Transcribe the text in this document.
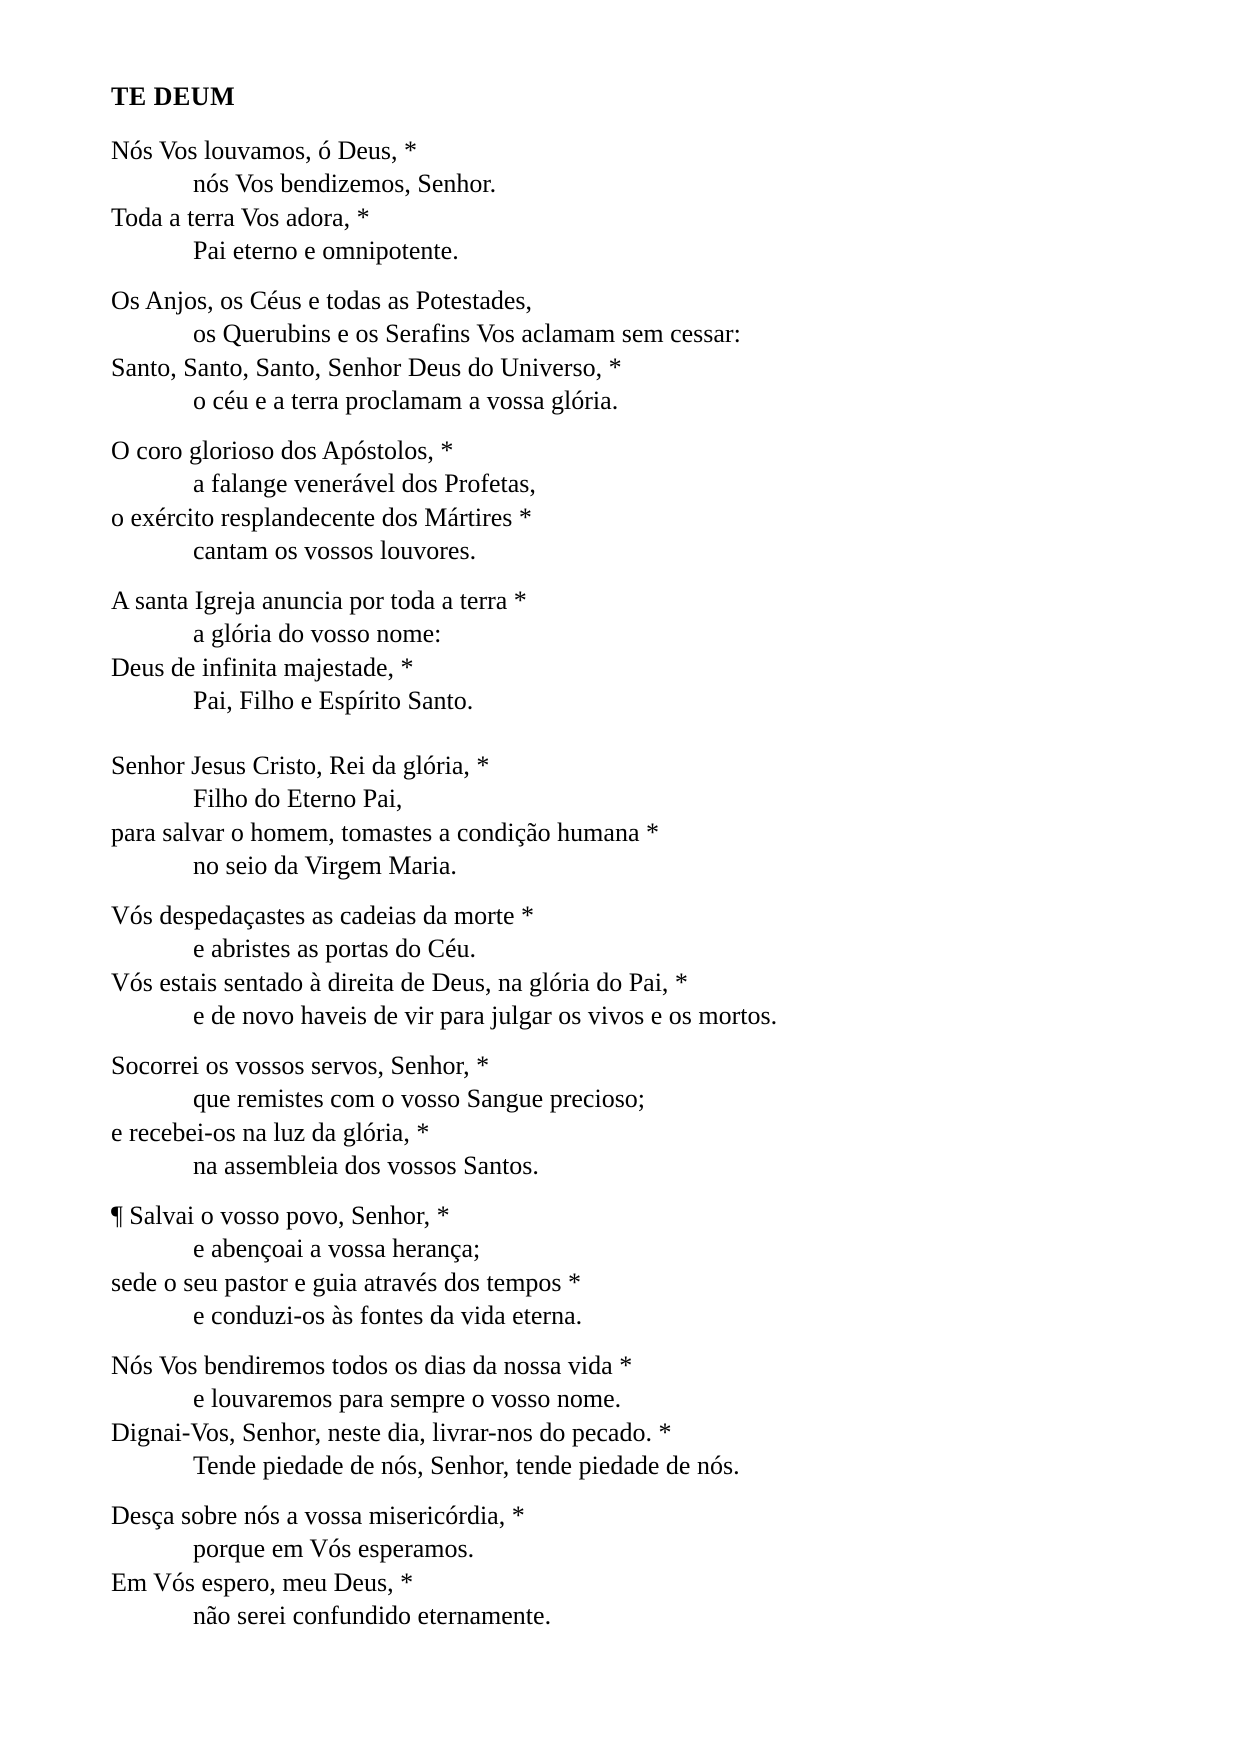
TE DEUM
Nós Vos louvamos, ó Deus, *
nós Vos bendizemos, Senhor.
Toda a terra Vos adora, *
Pai eterno e omnipotente.
Os Anjos, os Céus e todas as Potestades,
os Querubins e os Serafins Vos aclamam sem cessar:
Santo, Santo, Santo, Senhor Deus do Universo, *
o céu e a terra proclamam a vossa glória.
O coro glorioso dos Apóstolos, *
a falange venerável dos Profetas,
o exército resplandecente dos Mártires *
cantam os vossos louvores.
A santa Igreja anuncia por toda a terra *
a glória do vosso nome:
Deus de infinita majestade, *
Pai, Filho e Espírito Santo.
Senhor Jesus Cristo, Rei da glória, *
Filho do Eterno Pai,
para salvar o homem, tomastes a condição humana *
no seio da Virgem Maria.
Vós despedaçastes as cadeias da morte *
e abristes as portas do Céu.
Vós estais sentado à direita de Deus, na glória do Pai, *
e de novo haveis de vir para julgar os vivos e os mortos.
Socorrei os vossos servos, Senhor, *
que remistes com o vosso Sangue precioso;
e recebei-os na luz da glória, *
na assembleia dos vossos Santos.
¶ Salvai o vosso povo, Senhor, *
e abençoai a vossa herança;
sede o seu pastor e guia através dos tempos *
e conduzi-os às fontes da vida eterna.
Nós Vos bendiremos todos os dias da nossa vida *
e louvaremos para sempre o vosso nome.
Dignai-Vos, Senhor, neste dia, livrar-nos do pecado. *
Tende piedade de nós, Senhor, tende piedade de nós.
Desça sobre nós a vossa misericórdia, *
porque em Vós esperamos.
Em Vós espero, meu Deus, *
não serei confundido eternamente.
